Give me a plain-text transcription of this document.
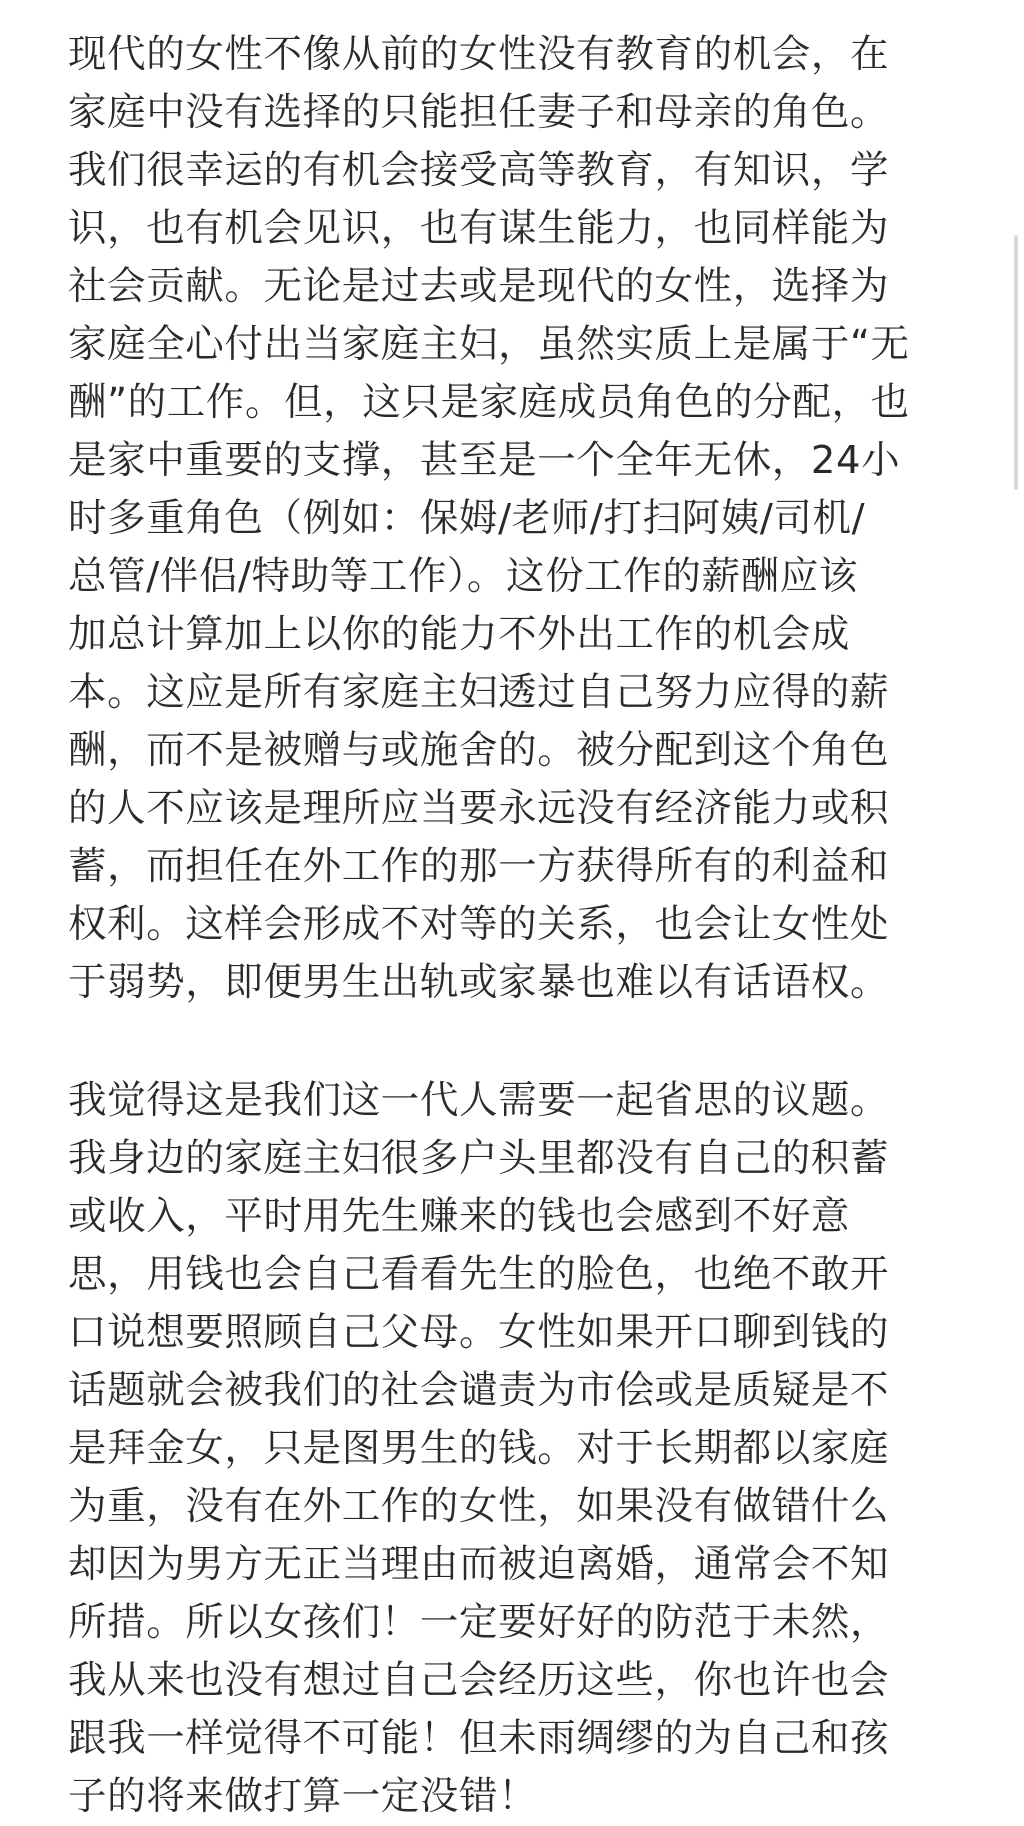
现代的女性不像从前的女性没有教育的机会，在
家庭中没有选择的只能担任妻子和母亲的角色。
我们很幸运的有机会接受高等教育，有知识，学
识，也有机会见识，也有谋生能力，也同样能为
社会贡献。无论是过去或是现代的女性，选择为
家庭全心付出当家庭主妇，虽然实质上是属于“无
酬”的工作。但，这只是家庭成员角色的分配，也
是家中重要的支撑，甚至是一个全年无休，24小
时多重角色（例如：保姆/老师/打扫阿姨/司机/
总管/伴侣/特助等工作）。这份工作的薪酬应该
加总计算加上以你的能力不外出工作的机会成
本。这应是所有家庭主妇透过自己努力应得的薪
酬，而不是被赠与或施舍的。被分配到这个角色
的人不应该是理所应当要永远没有经济能力或积
蓄，而担任在外工作的那一方获得所有的利益和
权利。这样会形成不对等的关系，也会让女性处
于弱势，即便男生出轨或家暴也难以有话语权。
我觉得这是我们这一代人需要一起省思的议题。
我身边的家庭主妇很多户头里都没有自己的积蓄
或收入，平时用先生赚来的钱也会感到不好意
思，用钱也会自己看看先生的脸色，也绝不敢开
口说想要照顾自己父母。女性如果开口聊到钱的
话题就会被我们的社会谴责为市侩或是质疑是不
是拜金女，只是图男生的钱。对于长期都以家庭
为重，没有在外工作的女性，如果没有做错什么
却因为男方无正当理由而被迫离婚，通常会不知
所措。所以女孩们！一定要好好的防范于未然，
我从来也没有想过自己会经历这些，你也许也会
跟我一样觉得不可能！但未雨绸缪的为自己和孩
子的将来做打算一定没错！
